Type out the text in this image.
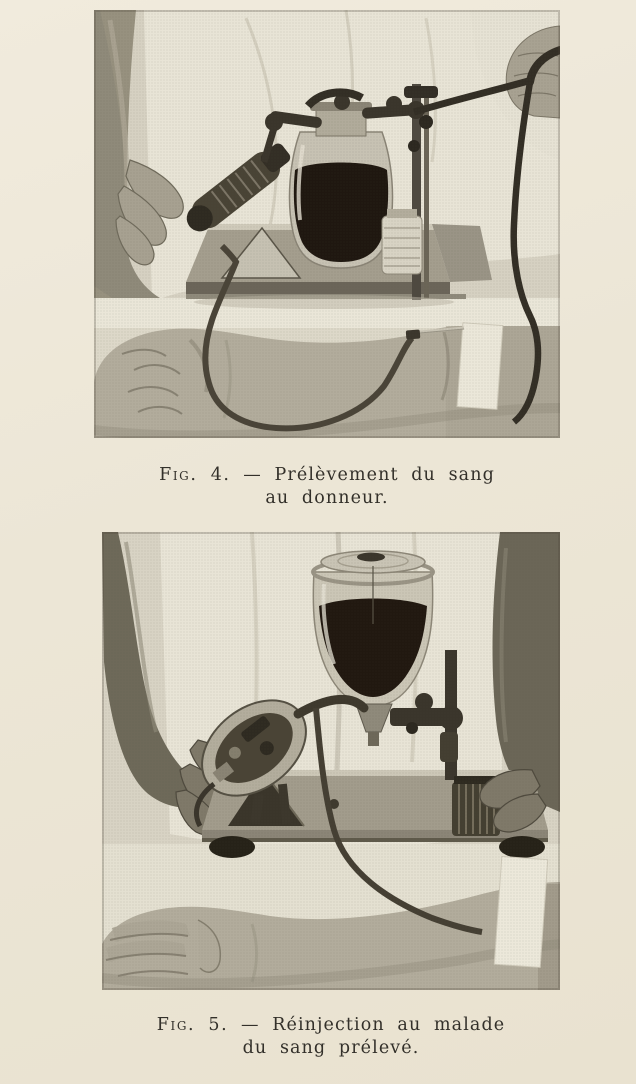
Fig. 4. — Prélèvement du sang
au donneur.
Fig. 5. — Réinjection au malade
du sang prélevé.
